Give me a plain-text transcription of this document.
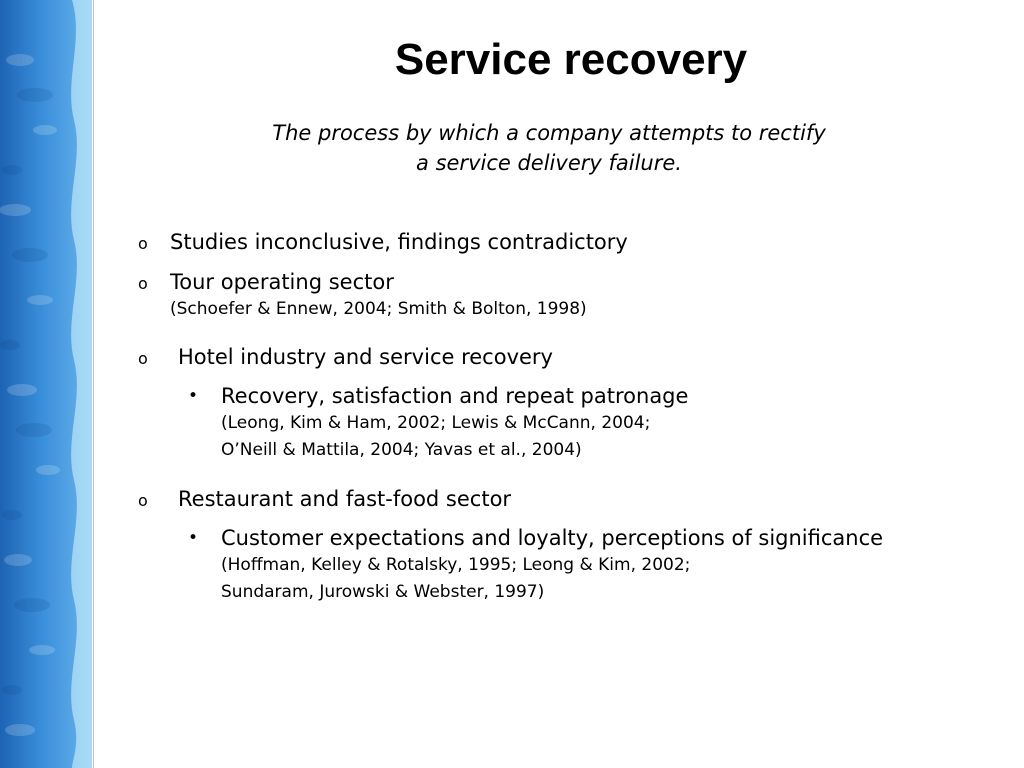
Service recovery

The process by which a company attempts to rectify
a service delivery failure.

o Studies inconclusive, findings contradictory
o Tour operating sector
(Schoefer & Ennew, 2004; Smith & Bolton, 1998)
o Hotel industry and service recovery
• Recovery, satisfaction and repeat patronage
(Leong, Kim & Ham, 2002; Lewis & McCann, 2004;
O’Neill & Mattila, 2004; Yavas et al., 2004)
o Restaurant and fast-food sector
• Customer expectations and loyalty, perceptions of significance
(Hoffman, Kelley & Rotalsky, 1995; Leong & Kim, 2002;
Sundaram, Jurowski & Webster, 1997)
